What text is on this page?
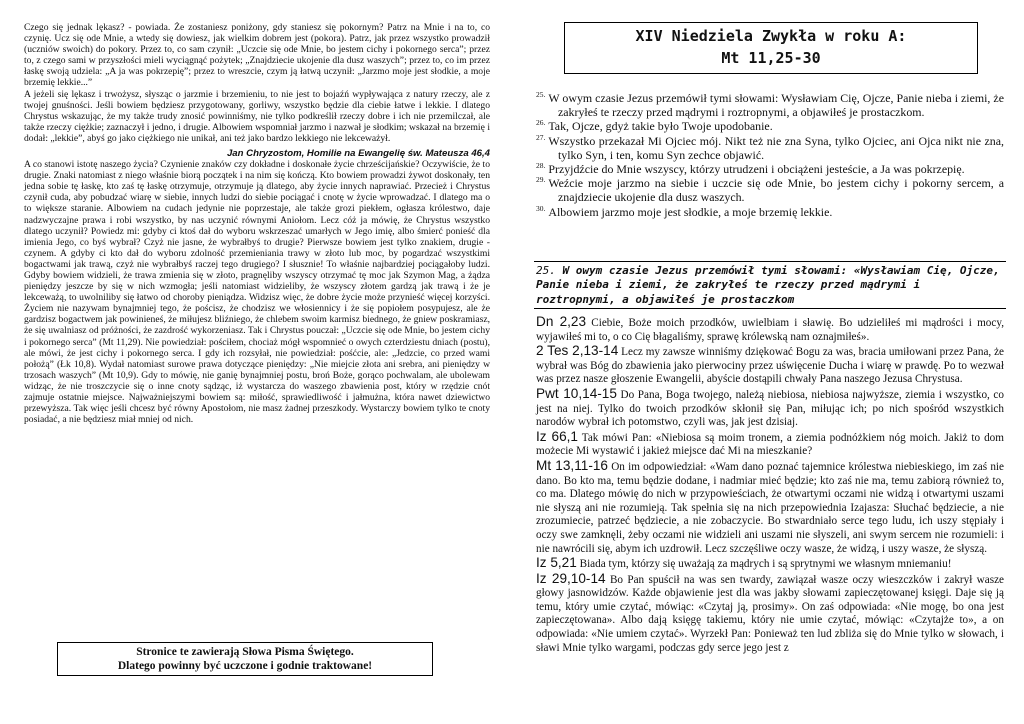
Czego się jednak lękasz? - powiada. Że zostaniesz poniżony, gdy staniesz się pokornym? Patrz na Mnie i na to, co czynię. Ucz się ode Mnie, a wtedy się dowiesz, jak wielkim dobrem jest (pokora). Patrz, jak przez wszystko prowadził (uczniów swoich) do pokory. Przez to, co sam czynił: „Uczcie się ode Mnie, bo jestem cichy i pokornego serca”; przez to, z czego sami w przyszłości mieli wyciągnąć pożytek; „Znajdziecie ukojenie dla dusz waszych”; przez to, co im przez łaskę swoją udziela: „A ja was pokrzepię”; przez to wreszcie, czym ją łatwą uczynił: „Jarzmo moje jest słodkie, a moje brzemię lekkie...”

A jeżeli się lękasz i trwożysz, słysząc o jarzmie i brzemieniu, to nie jest to bojaźń wypływająca z natury rzeczy, ale z twojej gnuśności. Jeśli bowiem będziesz przygotowany, gorliwy, wszystko będzie dla ciebie łatwe i lekkie. I dlatego Chrystus wskazując, że my także trudy znosić powinniśmy, nie tylko podkreślił rzeczy dobre i ich nie przemilczał, ale także rzeczy ciężkie; zaznaczył i jedno, i drugie. Albowiem wspomniał jarzmo i nazwał je słodkim; wskazał na brzemię i dodał: „lekkie”, abyś go jako ciężkiego nie unikał, ani też jako bardzo lekkiego nie lekceważył.

Jan Chryzostom, Homilie na Ewangelię św. Mateusza 46,4

A co stanowi istotę naszego życia? Czynienie znaków czy dokładne i doskonałe życie chrześcijańskie? Oczywiście, że to drugie. Znaki natomiast z niego właśnie biorą początek i na nim się kończą. Kto bowiem prowadzi żywot doskonały, ten jedna sobie tę łaskę, kto zaś tę łaskę otrzymuje, otrzymuje ją dlatego, aby życie innych naprawiać. Przecież i Chrystus czynił cuda, aby pobudzać wiarę w siebie, innych ludzi do siebie pociągać i cnotę w życie wprowadzać. I dlatego ma o to większe staranie. Albowiem na cudach jedynie nie poprzestaje, ale także grozi piekłem, ogłasza królestwo, daje nadzwyczajne prawa i robi wszystko, by nas uczynić równymi Aniołom. Lecz cóż ja mówię, że Chrystus wszystko dlatego uczynił? Powiedz mi: gdyby ci ktoś dał do wyboru wskrzeszać umarłych w Jego imię, albo śmierć ponieść dla imienia Jego, co byś wybrał? Czyż nie jasne, że wybrałbyś to drugie? Pierwsze bowiem jest tylko znakiem, drugie - czynem. A gdyby ci kto dał do wyboru zdolność przemieniania trawy w złoto lub moc, by pogardzać wszystkimi bogactwami jak trawą, czyż nie wybrałbyś raczej tego drugiego? I słusznie! To właśnie najbardziej pociągałoby ludzi. Gdyby bowiem widzieli, że trawa zmienia się w złoto, pragnęliby wszyscy otrzymać tę moc jak Szymon Mag, a żądza pieniędzy jeszcze by się w nich wzmogła; jeśli natomiast widzieliby, że wszyscy złotem gardzą jak trawą i że je lekceważą, to uwolniliby się łatwo od choroby pieniądza. Widzisz więc, że dobre życie może przynieść więcej korzyści. Życiem nie nazywam bynajmniej tego, że pościsz, że chodzisz we włosiennicy i że się popiołem posypujesz, ale że gardzisz bogactwem jak powinieneś, że miłujesz bliźniego, że chlebem swoim karmisz biednego, że gniew poskramiasz, że się uwalniasz od próżności, że zazdrość wykorzeniasz. Tak i Chrystus pouczał: „Uczcie się ode Mnie, bo jestem cichy i pokornego serca” (Mt 11,29). Nie powiedział: pościłem, chociaż mógł wspomnieć o owych czterdziestu dniach (postu), ale mówi, że jest cichy i pokornego serca. I gdy ich rozsyłał, nie powiedział: pośćcie, ale: „Jedzcie, co przed wami położą” (Łk 10,8). Wydał natomiast surowe prawa dotyczące pieniędzy: „Nie miejcie złota ani srebra, ani pieniędzy w trzosach waszych” (Mt 10,9). Gdy to mówię, nie ganię bynajmniej postu, broń Boże, gorąco pochwalam, ale ubolewam widząc, że nie troszczycie się o inne cnoty sądząc, iż wystarcza do waszego zbawienia post, który w rzędzie cnót zajmuje ostatnie miejsce. Najważniejszymi bowiem są: miłość, sprawiedliwość i jałmużna, która nawet dziewictwo przewyższa. Tak więc jeśli chcesz być równy Apostołom, nie masz żadnej przeszkody. Wystarczy bowiem tylko te cnoty posiadać, a nie będziesz miał mniej od nich.

Stronice te zawierają Słowa Pisma Świętego.
Dlatego powinny być uczczone i godnie traktowane!
XIV Niedziela Zwykła w roku A:
Mt 11,25-30

$^{25.}$ W owym czasie Jezus przemówił tymi słowami: Wysławiam Cię, Ojcze, Panie nieba i ziemi, że zakryłeś te rzeczy przed mądrymi i roztropnymi, a objawiłeś je prostaczkom.

$^{26.}$ Tak, Ojcze, gdyż takie było Twoje upodobanie.

$^{27.}$ Wszystko przekazał Mi Ojciec mój. Nikt też nie zna Syna, tylko Ojciec, ani Ojca nikt nie zna, tylko Syn, i ten, komu Syn zechce objawić.

$^{28.}$ Przyjdźcie do Mnie wszyscy, którzy utrudzeni i obciążeni jesteście, a Ja was pokrzepię.

$^{29.}$ Weźcie moje jarzmo na siebie i uczcie się ode Mnie, bo jestem cichy i pokorny sercem, a znajdziecie ukojenie dla dusz waszych.

$^{30.}$ Albowiem jarzmo moje jest słodkie, a moje brzemię lekkie.

25. W owym czasie Jezus przemówił tymi słowami: «Wysławiam Cię, Ojcze, Panie nieba i ziemi, że zakryłeś te rzeczy przed mądrymi i roztropnymi, a objawiłeś je prostaczkom

Dn 2,23 Ciebie, Boże moich przodków, uwielbiam i sławię. Bo udzieliłeś mi mądrości i mocy, wyjawiłeś mi to, o co Cię błagaliśmy, sprawę królewską nam oznajmiłeś».

2 Tes 2,13-14 Lecz my zawsze winniśmy dziękować Bogu za was, bracia umiłowani przez Pana, że wybrał was Bóg do zbawienia jako pierwociny przez uświęcenie Ducha i wiarę w prawdę. Po to wezwał was przez nasze głoszenie Ewangelii, abyście dostąpili chwały Pana naszego Jezusa Chrystusa.

Pwt 10,14-15 Do Pana, Boga twojego, należą niebiosa, niebiosa najwyższe, ziemia i wszystko, co jest na niej. Tylko do twoich przodków skłonił się Pan, miłując ich; po nich spośród wszystkich narodów wybrał ich potomstwo, czyli was, jak jest dzisiaj.

Iz 66,1 Tak mówi Pan: «Niebiosa są moim tronem, a ziemia podnóżkiem nóg moich. Jakiż to dom możecie Mi wystawić i jakież miejsce dać Mi na mieszkanie?

Mt 13,11-16 On im odpowiedział: «Wam dano poznać tajemnice królestwa niebieskiego, im zaś nie dano. Bo kto ma, temu będzie dodane, i nadmiar mieć będzie; kto zaś nie ma, temu zabiorą również to, co ma. Dlatego mówię do nich w przypowieściach, że otwartymi oczami nie widzą i otwartymi uszami nie słyszą ani nie rozumieją. Tak spełnia się na nich przepowiednia Izajasza: Słuchać będziecie, a nie zrozumiecie, patrzeć będziecie, a nie zobaczycie. Bo stwardniało serce tego ludu, ich uszy stępiały i oczy swe zamknęli, żeby oczami nie widzieli ani uszami nie słyszeli, ani swym sercem nie rozumieli: i nie nawrócili się, abym ich uzdrowił. Lecz szczęśliwe oczy wasze, że widzą, i uszy wasze, że słyszą.

Iz 5,21 Biada tym, którzy się uważają za mądrych i są sprytnymi we własnym mniemaniu!

Iz 29,10-14 Bo Pan spuścił na was sen twardy, zawiązał wasze oczy wieszczków i zakrył wasze głowy jasnowidzów. Każde objawienie jest dla was jakby słowami zapieczętowanej księgi. Daje się ją temu, który umie czytać, mówiąc: «Czytaj ją, prosimy». On zaś odpowiada: «Nie mogę, bo ona jest zapieczętowana». Albo dają księgę takiemu, który nie umie czytać, mówiąc: «Czytajże to», a on odpowiada: «Nie umiem czytać». Wyrzekł Pan: Ponieważ ten lud zbliża się do Mnie tylko w słowach, i sławi Mnie tylko wargami, podczas gdy serce jego jest z
